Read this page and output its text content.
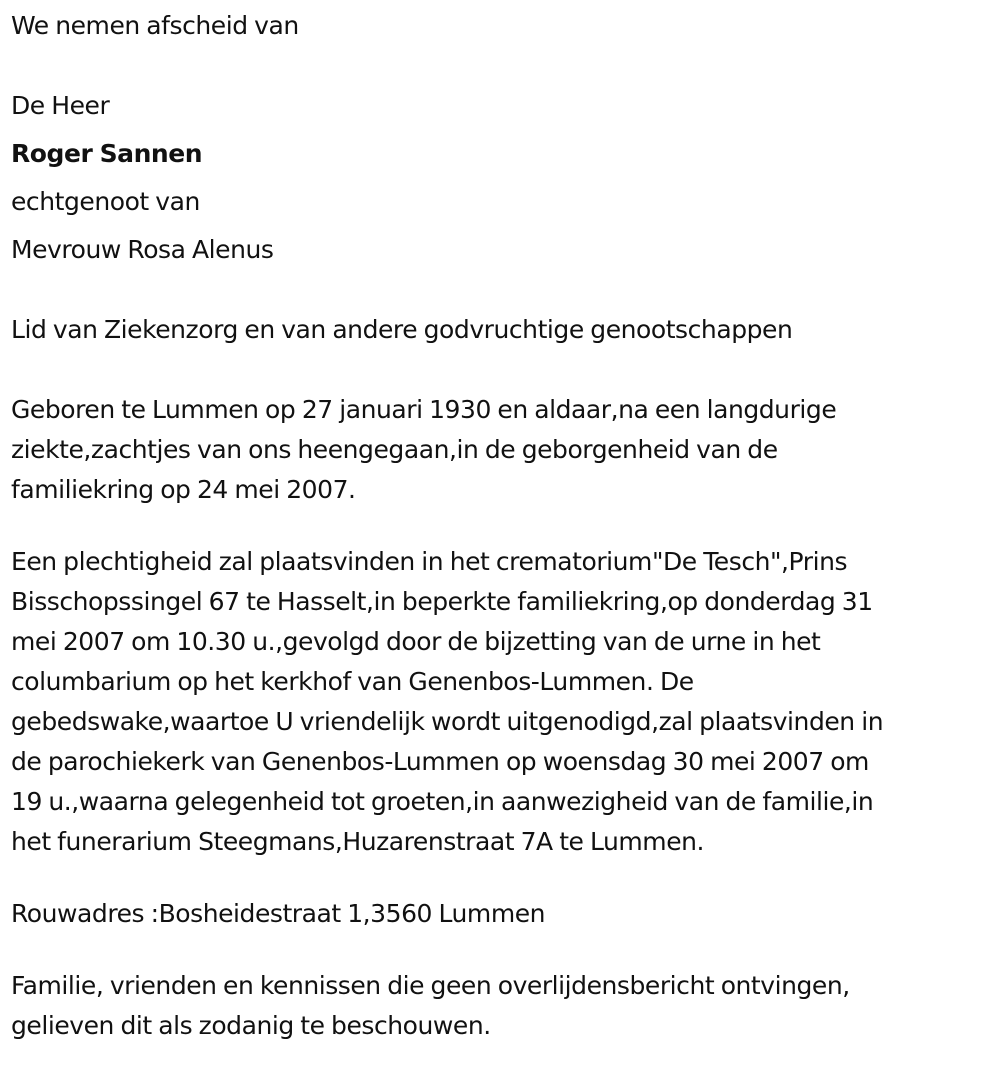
We nemen afscheid van
De Heer
Roger Sannen
echtgenoot van
Mevrouw Rosa Alenus
Lid van Ziekenzorg en van andere godvruchtige genootschappen
Geboren te Lummen op 27 januari 1930 en aldaar,na een langdurige
ziekte,zachtjes van ons heengegaan,in de geborgenheid van de
familiekring op 24 mei 2007.
Een plechtigheid zal plaatsvinden in het crematorium"De Tesch",Prins
Bisschopssingel 67 te Hasselt,in beperkte familiekring,op donderdag 31
mei 2007 om 10.30 u.,gevolgd door de bijzetting van de urne in het
columbarium op het kerkhof van Genenbos-Lummen. De
gebedswake,waartoe U vriendelijk wordt uitgenodigd,zal plaatsvinden in
de parochiekerk van Genenbos-Lummen op woensdag 30 mei 2007 om
19 u.,waarna gelegenheid tot groeten,in aanwezigheid van de familie,in
het funerarium Steegmans,Huzarenstraat 7A te Lummen.
Rouwadres :Bosheidestraat 1,3560 Lummen
Familie, vrienden en kennissen die geen overlijdensbericht ontvingen,
gelieven dit als zodanig te beschouwen.
